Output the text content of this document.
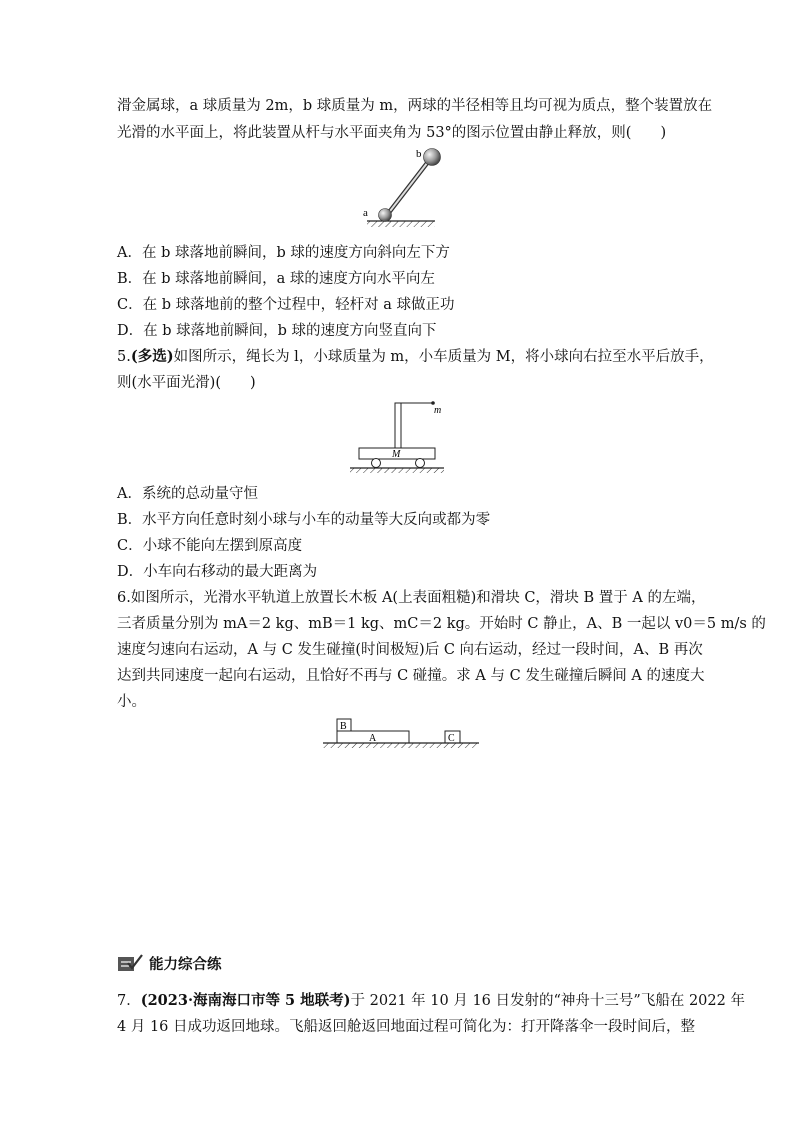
滑金属球，a 球质量为 2m，b 球质量为 m，两球的半径相等且均可视为质点，整个装置放在
光滑的水平面上，将此装置从杆与水平面夹角为 53°的图示位置由静止释放，则(　　)
a
b
A．在 b 球落地前瞬间，b 球的速度方向斜向左下方
B．在 b 球落地前瞬间，a 球的速度方向水平向左
C．在 b 球落地前的整个过程中，轻杆对 a 球做正功
D．在 b 球落地前瞬间，b 球的速度方向竖直向下
5.(多选)如图所示，绳长为 l，小球质量为 m，小车质量为 M，将小球向右拉至水平后放手，
则(水平面光滑)(　　)
m
M
A．系统的总动量守恒
B．水平方向任意时刻小球与小车的动量等大反向或都为零
C．小球不能向左摆到原高度
D．小车向右移动的最大距离为
6.如图所示，光滑水平轨道上放置长木板 A(上表面粗糙)和滑块 C，滑块 B 置于 A 的左端，
三者质量分别为 mA＝2 kg、mB＝1 kg、mC＝2 kg。开始时 C 静止，A、B 一起以 v0＝5 m/s 的
速度匀速向右运动，A 与 C 发生碰撞(时间极短)后 C 向右运动，经过一段时间，A、B 再次
达到共同速度一起向右运动，且恰好不再与 C 碰撞。求 A 与 C 发生碰撞后瞬间 A 的速度大
小。
B
A	C
能力综合练
7．(2023·海南海口市等 5 地联考)于 2021 年 10 月 16 日发射的“神舟十三号”飞船在 2022 年
4 月 16 日成功返回地球。飞船返回舱返回地面过程可简化为：打开降落伞一段时间后，整
